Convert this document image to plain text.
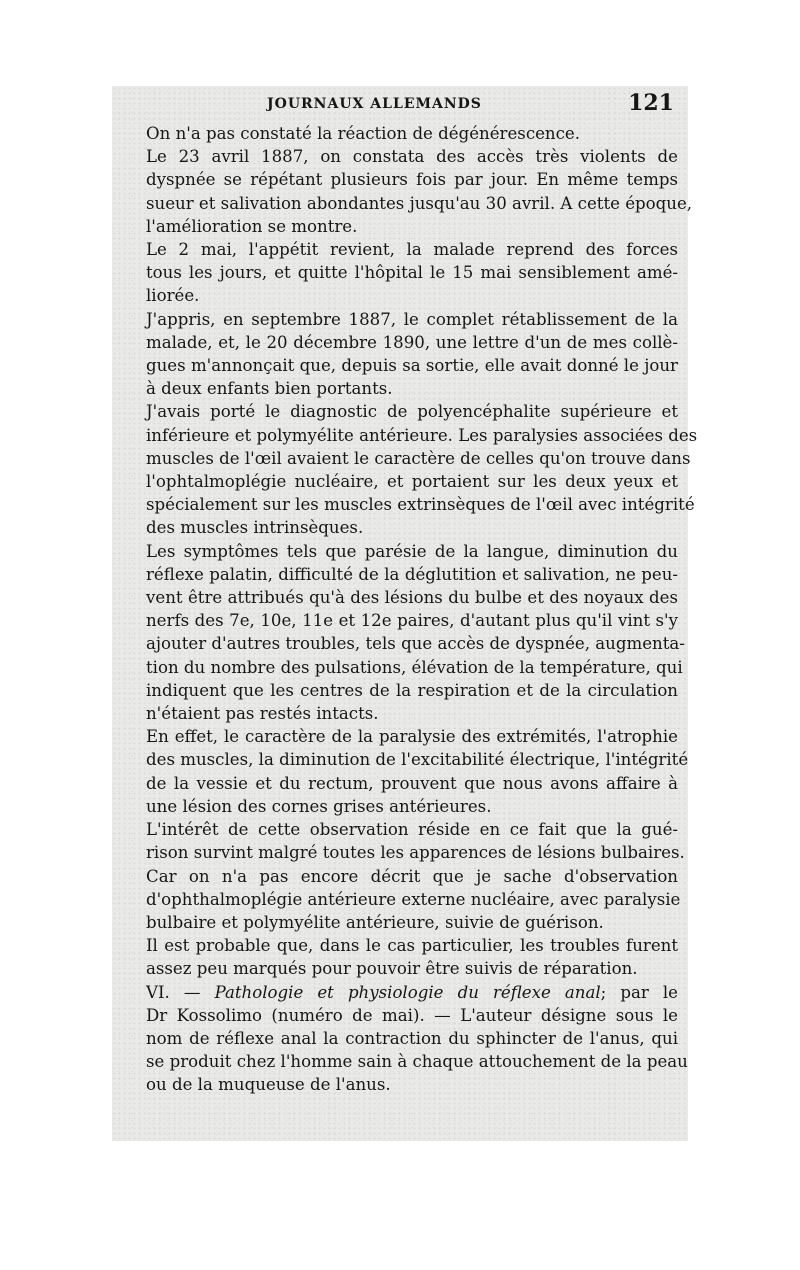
JOURNAUX ALLEMANDS	121

On n'a pas constaté la réaction de dégénérescence.

Le 23 avril 1887, on constata des accès très violents de
dyspnée se répétant plusieurs fois par jour. En même temps
sueur et salivation abondantes jusqu'au 30 avril. A cette époque,
l'amélioration se montre.

Le 2 mai, l'appétit revient, la malade reprend des forces
tous les jours, et quitte l'hôpital le 15 mai sensiblement amé-
liorée.

J'appris, en septembre 1887, le complet rétablissement de la
malade, et, le 20 décembre 1890, une lettre d'un de mes collè-
gues m'annonçait que, depuis sa sortie, elle avait donné le jour
à deux enfants bien portants.

J'avais porté le diagnostic de polyencéphalite supérieure et
inférieure et polymyélite antérieure. Les paralysies associées des
muscles de l'œil avaient le caractère de celles qu'on trouve dans
l'ophtalmoplégie nucléaire, et portaient sur les deux yeux et
spécialement sur les muscles extrinsèques de l'œil avec intégrité
des muscles intrinsèques.

Les symptômes tels que parésie de la langue, diminution du
réflexe palatin, difficulté de la déglutition et salivation, ne peu-
vent être attribués qu'à des lésions du bulbe et des noyaux des
nerfs des 7e, 10e, 11e et 12e paires, d'autant plus qu'il vint s'y
ajouter d'autres troubles, tels que accès de dyspnée, augmenta-
tion du nombre des pulsations, élévation de la température, qui
indiquent que les centres de la respiration et de la circulation
n'étaient pas restés intacts.

En effet, le caractère de la paralysie des extrémités, l'atrophie
des muscles, la diminution de l'excitabilité électrique, l'intégrité
de la vessie et du rectum, prouvent que nous avons affaire à
une lésion des cornes grises antérieures.

L'intérêt de cette observation réside en ce fait que la gué-
rison survint malgré toutes les apparences de lésions bulbaires.

Car on n'a pas encore décrit que je sache d'observation
d'ophthalmoplégie antérieure externe nucléaire, avec paralysie
bulbaire et polymyélite antérieure, suivie de guérison.

Il est probable que, dans le cas particulier, les troubles furent
assez peu marqués pour pouvoir être suivis de réparation.

VI. — Pathologie et physiologie du réflexe anal; par le
Dr Kossolimo (numéro de mai). — L'auteur désigne sous le
nom de réflexe anal la contraction du sphincter de l'anus, qui
se produit chez l'homme sain à chaque attouchement de la peau
ou de la muqueuse de l'anus.
